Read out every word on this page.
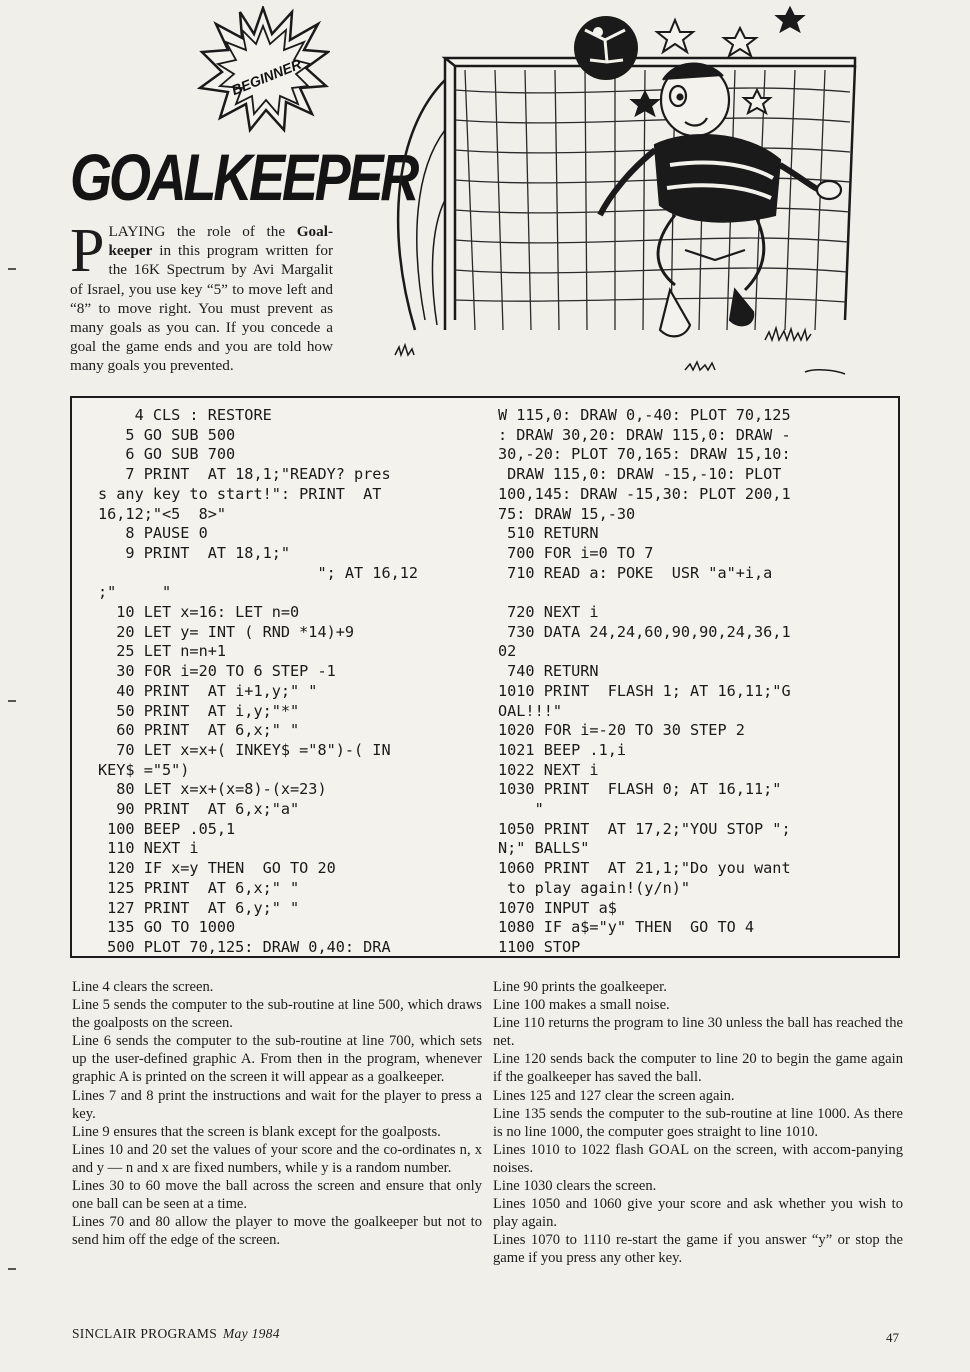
BEGINNER
GOALKEEPER
PLAYING the role of the Goal-keeper in this program written for the 16K Spectrum by Avi Margalit of Israel, you use key “5” to move left and “8” to move right. You must prevent as many goals as you can. If you concede a goal the game ends and you are told how many goals you prevented.
4 CLS : RESTORE
5 GO SUB 500
6 GO SUB 700
7 PRINT  AT 18,1;"READY? pres
s any key to start!": PRINT  AT
16,12;"<5  8>"
8 PAUSE 0
9 PRINT  AT 18,1;"
"; AT 16,12
;"     "
10 LET x=16: LET n=0
20 LET y= INT ( RND *14)+9
25 LET n=n+1
30 FOR i=20 TO 6 STEP -1
40 PRINT  AT i+1,y;" "
50 PRINT  AT i,y;"*"
60 PRINT  AT 6,x;" "
70 LET x=x+( INKEY$ ="8")-( IN
KEY$ ="5")
80 LET x=x+(x=8)-(x=23)
90 PRINT  AT 6,x;"a"
100 BEEP .05,1
110 NEXT i
120 IF x=y THEN  GO TO 20
125 PRINT  AT 6,x;" "
127 PRINT  AT 6,y;" "
135 GO TO 1000
500 PLOT 70,125: DRAW 0,40: DRA
W 115,0: DRAW 0,-40: PLOT 70,125
: DRAW 30,20: DRAW 115,0: DRAW -
30,-20: PLOT 70,165: DRAW 15,10:
DRAW 115,0: DRAW -15,-10: PLOT
100,145: DRAW -15,30: PLOT 200,1
75: DRAW 15,-30
510 RETURN
700 FOR i=0 TO 7
710 READ a: POKE  USR "a"+i,a

720 NEXT i
730 DATA 24,24,60,90,90,24,36,1
02
740 RETURN
1010 PRINT  FLASH 1; AT 16,11;"G
OAL!!!"
1020 FOR i=-20 TO 30 STEP 2
1021 BEEP .1,i
1022 NEXT i
1030 PRINT  FLASH 0; AT 16,11;"
"
1050 PRINT  AT 17,2;"YOU STOP ";
N;" BALLS"
1060 PRINT  AT 21,1;"Do you want
to play again!(y/n)"
1070 INPUT a$
1080 IF a$="y" THEN  GO TO 4
1100 STOP

Line 4 clears the screen.

Line 5 sends the computer to the sub-routine at line 500, which draws the goalposts on the screen.

Line 6 sends the computer to the sub-routine at line 700, which sets up the user-defined graphic A. From then in the program, whenever graphic A is printed on the screen it will appear as a goalkeeper.

Lines 7 and 8 print the instructions and wait for the player to press a key.

Line 9 ensures that the screen is blank except for the goalposts.

Lines 10 and 20 set the values of your score and the co-ordinates n, x and y — n and x are fixed numbers, while y is a random number.

Lines 30 to 60 move the ball across the screen and ensure that only one ball can be seen at a time.

Lines 70 and 80 allow the player to move the goalkeeper but not to send him off the edge of the screen.

Line 90 prints the goalkeeper.

Line 100 makes a small noise.

Line 110 returns the program to line 30 unless the ball has reached the net.

Line 120 sends back the computer to line 20 to begin the game again if the goalkeeper has saved the ball.

Lines 125 and 127 clear the screen again.

Line 135 sends the computer to the sub-routine at line 1000. As there is no line 1000, the computer goes straight to line 1010.

Lines 1010 to 1022 flash GOAL on the screen, with accom-panying noises.

Line 1030 clears the screen.

Lines 1050 and 1060 give your score and ask whether you wish to play again.

Lines 1070 to 1110 re-start the game if you answer “y” or stop the game if you press any other key.

SINCLAIR PROGRAMS May 1984	47
